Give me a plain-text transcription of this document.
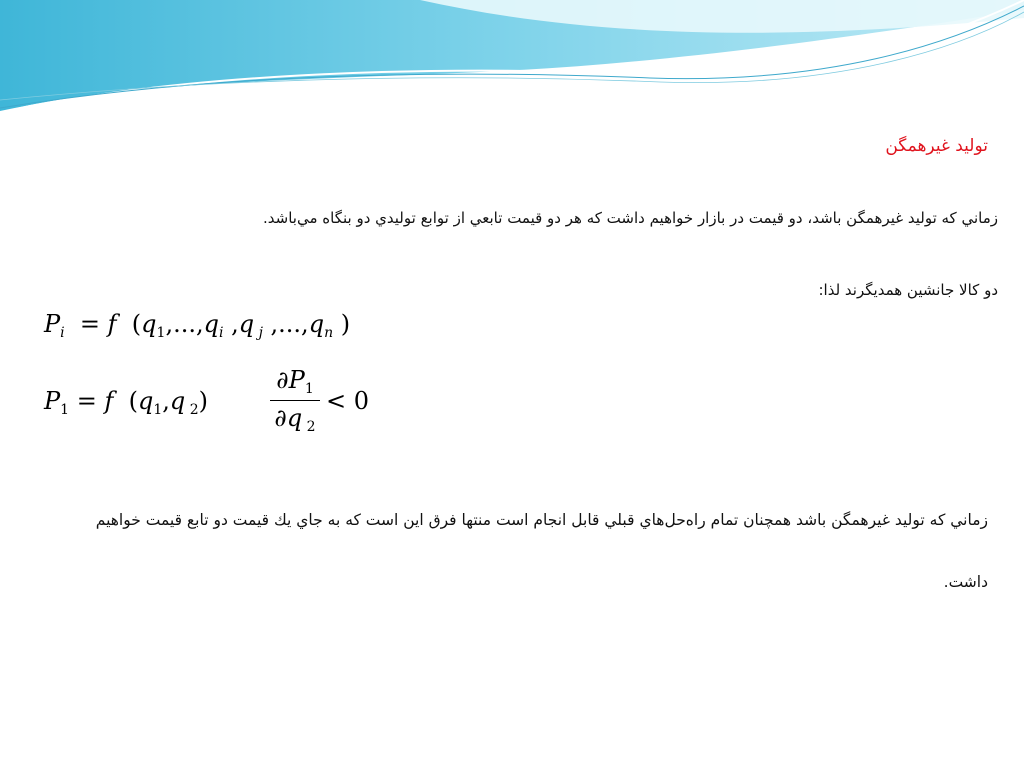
توليد غيرهمگن
زماني كه توليد غيرهمگن باشد، دو قيمت در بازار خواهيم داشت كه هر دو قيمت تابعي از توابع توليدي دو بنگاه مي‌باشد.
دو كالا جانشين همديگرند لذا:
$P_i = f$  ($q_1,...,q_i$ ,q $_j$ $,...,q_n$ )
$P_1 = f$  ($q_1,q$ $_2$)	$\frac{\partial P_1}{\partial q _2} < 0$
زماني كه توليد غيرهمگن باشد همچنان تمام راه‌حل‌هاي قبلي قابل انجام است منتها فرق اين است كه به جاي يك قيمت دو تابع قيمت خواهيم داشت.
